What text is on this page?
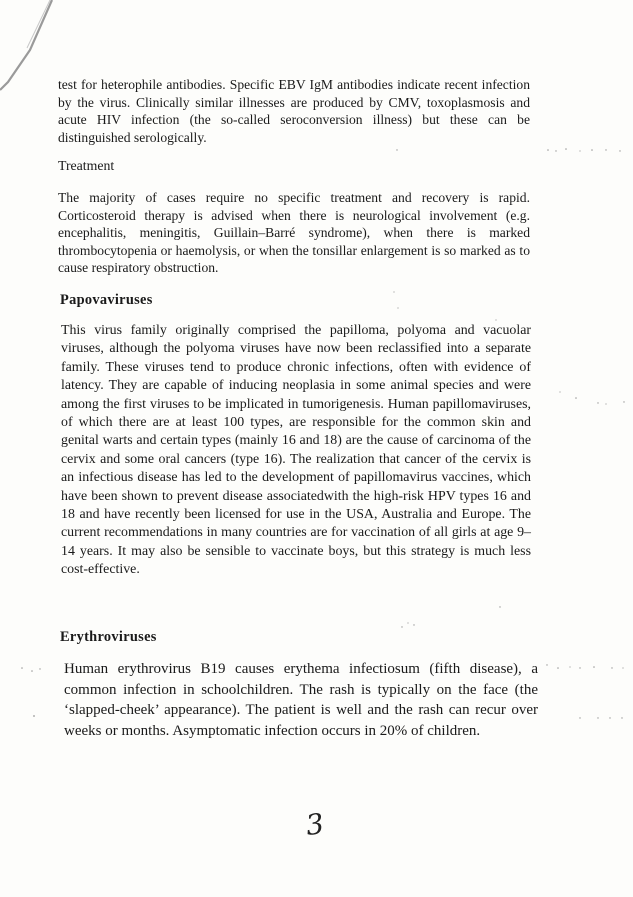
test for heterophile antibodies. Specific EBV IgM antibodies indicate recent infection by the virus. Clinically similar illnesses are produced by CMV, toxoplasmosis and acute HIV infection (the so-called seroconversion illness) but these can be distinguished serologically.

Treatment

The majority of cases require no specific treatment and recovery is rapid. Corticosteroid therapy is advised when there is neurological involvement (e.g. encephalitis, meningitis, Guillain–Barré syndrome), when there is marked thrombocytopenia or haemolysis, or when the tonsillar enlargement is so marked as to cause respiratory obstruction.

Papovaviruses

This virus family originally comprised the papilloma, polyoma and vacuolar viruses, although the polyoma viruses have now been reclassified into a separate family. These viruses tend to produce chronic infections, often with evidence of latency. They are capable of inducing neoplasia in some animal species and were among the first viruses to be implicated in tumorigenesis. Human papillomaviruses, of which there are at least 100 types, are responsible for the common skin and genital warts and certain types (mainly 16 and 18) are the cause of carcinoma of the cervix and some oral cancers (type 16). The realization that cancer of the cervix is an infectious disease has led to the development of papillomavirus vaccines, which have been shown to prevent disease associatedwith the high-risk HPV types 16 and 18 and have recently been licensed for use in the USA, Australia and Europe. The current recommendations in many countries are for vaccination of all girls at age 9–14 years. It may also be sensible to vaccinate boys, but this strategy is much less cost-effective.

Erythroviruses

Human erythrovirus B19 causes erythema infectiosum (fifth disease), a common infection in schoolchildren. The rash is typically on the face (the ‘slapped-cheek’ appearance). The patient is well and the rash can recur over weeks or months. Asymptomatic infection occurs in 20% of children.

3
